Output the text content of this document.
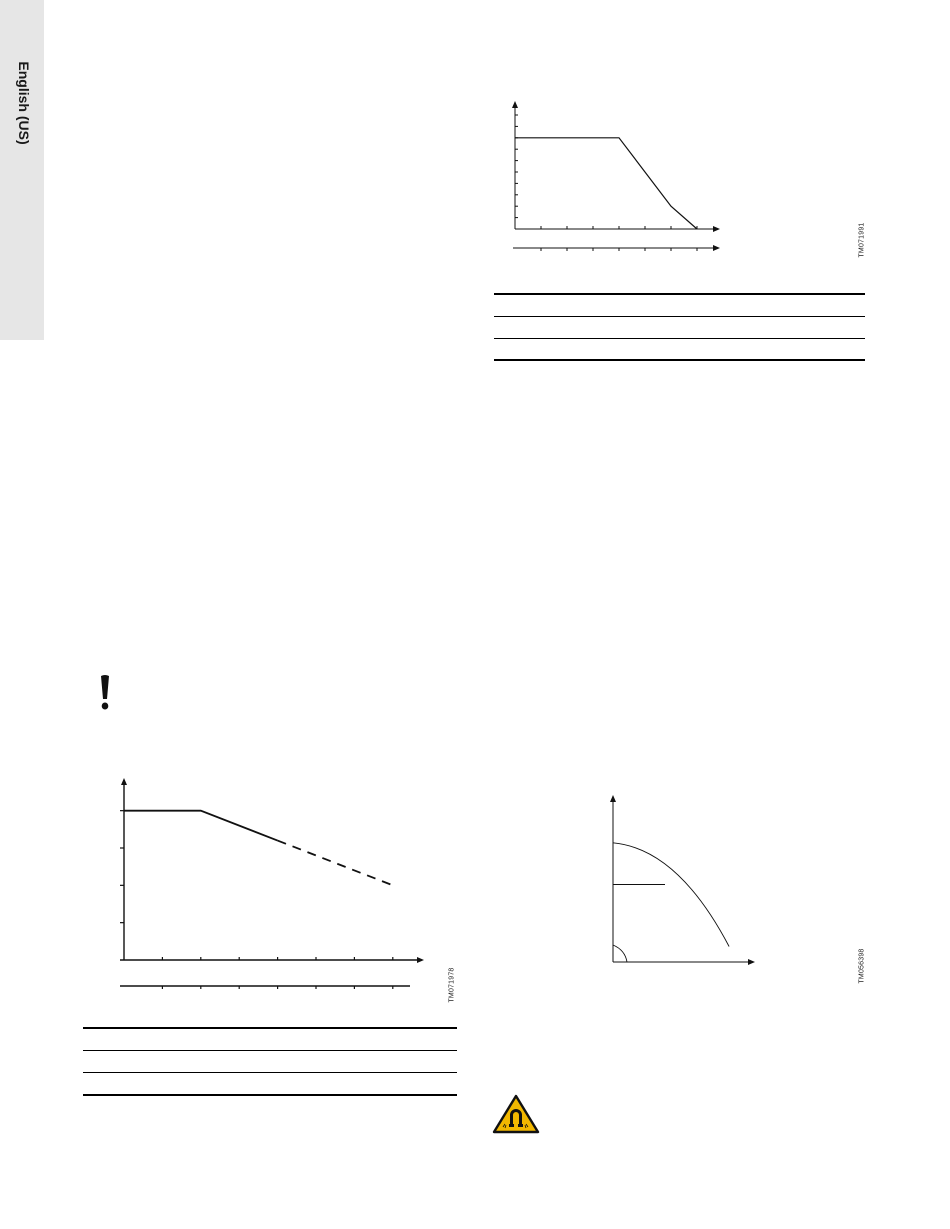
English (US)
TM071991
TM071978
TM056398
